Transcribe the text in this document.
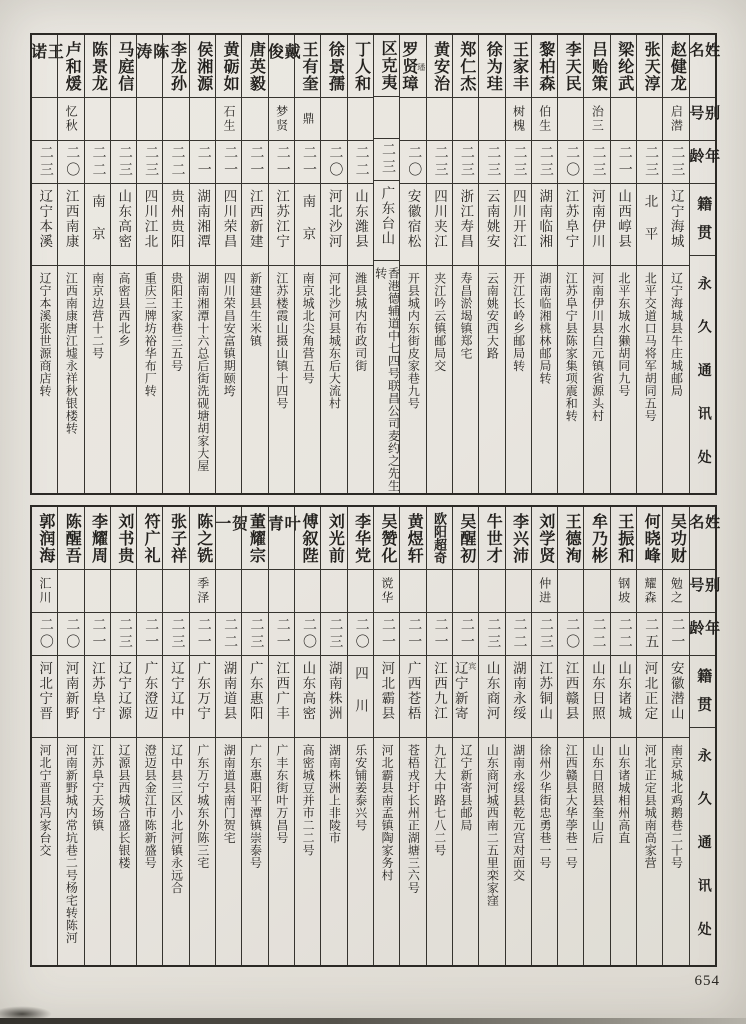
姓名
别号
年龄
籍贯
永久通讯处
赵健龙
启潜
二三
辽宁海城
辽宁海城县牛庄城邮局
张天淳
二三
北平
北平交道口马将军胡同五号
梁纶武
二一
山西崞县
北平东城水獭胡同九号
吕贻策
治三
二三
河南伊川
河南伊川县白元镇省源头村
李天民
二〇
江苏阜宁
江苏阜宁县陈家集项震和转
黎柏森
伯生
二三
湖南临湘
湖南临湘桃林邮局转
王家丰
树槐
二三
四川开江
开江长岭乡邮局转
徐为珪
二三
云南姚安
云南姚安西大路
郑仁杰
二三
浙江寿昌
寿昌淤堨镇郑宅
黄安治
二三
四川夹江
夹江吟云镇邮局交
罗贤璋 璠
二〇
安徽宿松
开县城内东街皮家巷九号
区克夷
二三
广东台山
香港德辅道中七四号联昌公司麦约之先生转
丁人和
二二
山东潍县
潍县城内布政司街
徐景孺
二〇
河北沙河
河北沙河县城东后大流村
王有奎
鼎
二一
南京
南京城北尖角营五号
戴俊
梦贤
二一
江苏江宁
江苏楼霞山摄山镇十四号
唐英毅
二一
江西新建
新建县生米镇
黄砺如
石生
二一
四川荣昌
四川荣昌安富镇期颐垮
侯湘源
二一
湖南湘潭
湖南湘潭十六总后街洗砚塘胡家大屋
李龙孙
二二
贵州贵阳
贵阳王家巷三五号
陈涛
二三
四川江北
重庆三牌坊裕华布厂转
马庭信
二三
山东高密
高密县西北乡
陈景龙
二二
南京
南京边营十二号
卢和煖
忆秋
二〇
江西南康
江西南康唐江墟永祥秋银楼转
王诺
二三
辽宁本溪
辽宁本溪张世源商店转
姓名
别号
年龄
籍贯
永久通讯处
吴功财
勉之
二一
安徽潜山
南京城北鸡鹅巷二十号
何晓峰
耀森
二五
河北正定
河北正定县城南高家营
王振和
钢坡
二二
山东诸城
山东诸城相州高直
牟乃彬
二二
山东日照
山东日照县奎山后
王德洵
二〇
江西赣县
江西赣县大华荸巷一号
刘学贤
仲进
二三
江苏铜山
徐州少华街忠勇巷一号
李兴沛
二二
湖南永绥
湖南永绥县乾元宫对面交
牛世才
二三
山东商河
山东商河城西南二五里栾家窪
吴醒初
二一
辽宁新寄 宾
辽宁新寄县邮局
欧阳超奇
二一
江西九江
九江大中路七八二号
黄煜轩
二一
广西苍梧
苍梧戎圩长州正湖塘三六号
吴赞化
谠华
二一
河北霸县
河北霸县南孟镇陶家务村
李华党
二〇
四川
乐安铺姜泰兴号
刘光前
二三
湖南株洲
湖南株洲上非陵市
傅叙陛
二〇
山东高密
高密城豆并市二二号
叶青
二一
江西广丰
广丰东街叶万昌号
董耀宗
二三
广东惠阳
广东惠阳平潭镇崇泰号
贺一
二二
湖南道县
湖南道县南门贺宅
陈之铣
季泽
二一
广东万宁
广东万宁城东外陈三宅
张子祥
二三
辽宁辽中
辽中县三区小北河镇永远合
符广礼
二一
广东澄迈
澄迈县金江市陈新盛号
刘书贵
二三
辽宁辽源
辽源县西城合盛长银楼
李耀周
二一
江苏阜宁
江苏阜宁天场镇
陈醒吾
二〇
河南新野
河南新野城内常坑巷二号杨宅转陈河
郭润海
汇川
二〇
河北宁晋
河北宁晋县冯家台交
654
